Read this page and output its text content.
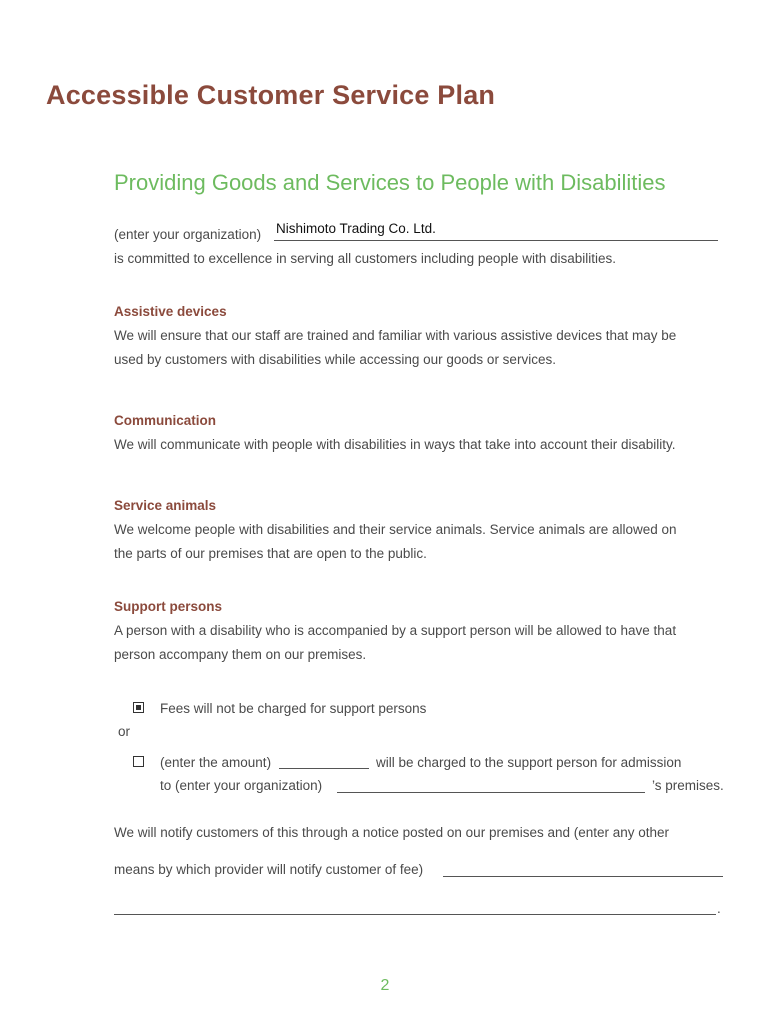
Accessible Customer Service Plan
Providing Goods and Services to People with Disabilities
(enter your organization) Nishimoto Trading Co. Ltd.
is committed to excellence in serving all customers including people with disabilities.
Assistive devices
We will ensure that our staff are trained and familiar with various assistive devices that may be
used by customers with disabilities while accessing our goods or services.
Communication
We will communicate with people with disabilities in ways that take into account their disability.
Service animals
We welcome people with disabilities and their service animals. Service animals are allowed on
the parts of our premises that are open to the public.
Support persons
A person with a disability who is accompanied by a support person will be allowed to have that
person accompany them on our premises.
Fees will not be charged for support persons
or
(enter the amount)	will be charged to the support person for admission
to (enter your organization)	’s premises.
We will notify customers of this through a notice posted on our premises and (enter any other
means by which provider will notify customer of fee)
.
2
